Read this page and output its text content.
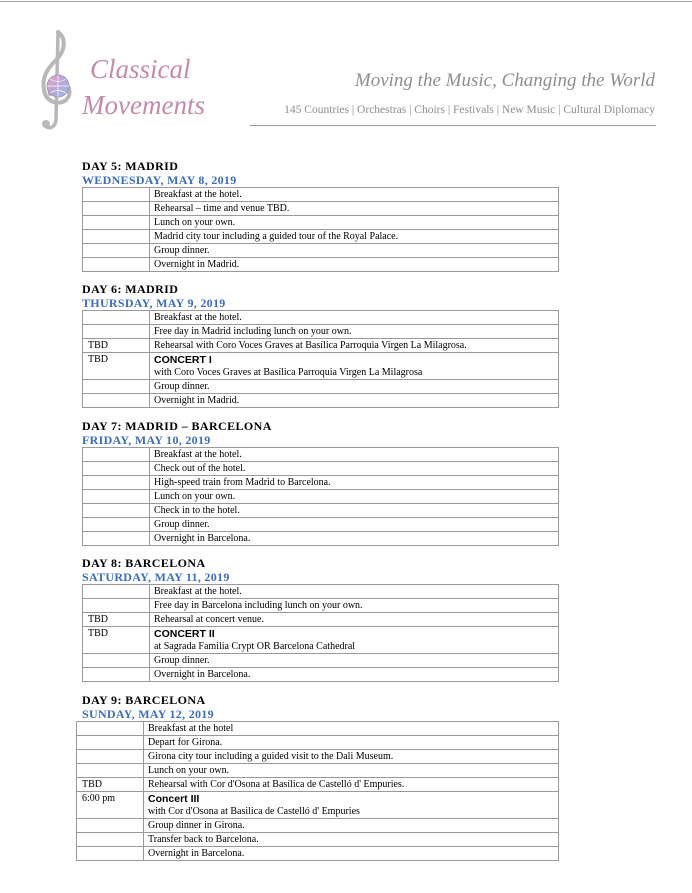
Classical
Movements
Moving the Music, Changing the World
145 Countries | Orchestras | Choirs | Festivals | New Music | Cultural Diplomacy
DAY 5: MADRID
WEDNESDAY, MAY 8, 2019
	Breakfast at the hotel.
	Rehearsal – time and venue TBD.
	Lunch on your own.
	Madrid city tour including a guided tour of the Royal Palace.
	Group dinner.
	Overnight in Madrid.
DAY 6: MADRID
THURSDAY, MAY 9, 2019
	Breakfast at the hotel.
	Free day in Madrid including lunch on your own.
TBD	Rehearsal with Coro Voces Graves at Basílica Parroquia Virgen La Milagrosa.
TBD	CONCERT I
with Coro Voces Graves at Basílica Parroquia Virgen La Milagrosa
	Group dinner.
	Overnight in Madrid.
DAY 7: MADRID – BARCELONA
FRIDAY, MAY 10, 2019
	Breakfast at the hotel.
	Check out of the hotel.
	High-speed train from Madrid to Barcelona.
	Lunch on your own.
	Check in to the hotel.
	Group dinner.
	Overnight in Barcelona.
DAY 8: BARCELONA
SATURDAY, MAY 11, 2019
	Breakfast at the hotel.
	Free day in Barcelona including lunch on your own.
TBD	Rehearsal at concert venue.
TBD	CONCERT II
at Sagrada Familia Crypt OR Barcelona Cathedral
	Group dinner.
	Overnight in Barcelona.
DAY 9: BARCELONA
SUNDAY, MAY 12, 2019
	Breakfast at the hotel
	Depart for Girona.
	Girona city tour including a guided visit to the Dali Museum.
	Lunch on your own.
TBD	Rehearsal with Cor d'Osona at Basílica de Castelló d' Empuries.
6:00 pm	Concert III
with Cor d'Osona at Basilica de Castelló d' Empuries
	Group dinner in Girona.
	Transfer back to Barcelona.
	Overnight in Barcelona.
